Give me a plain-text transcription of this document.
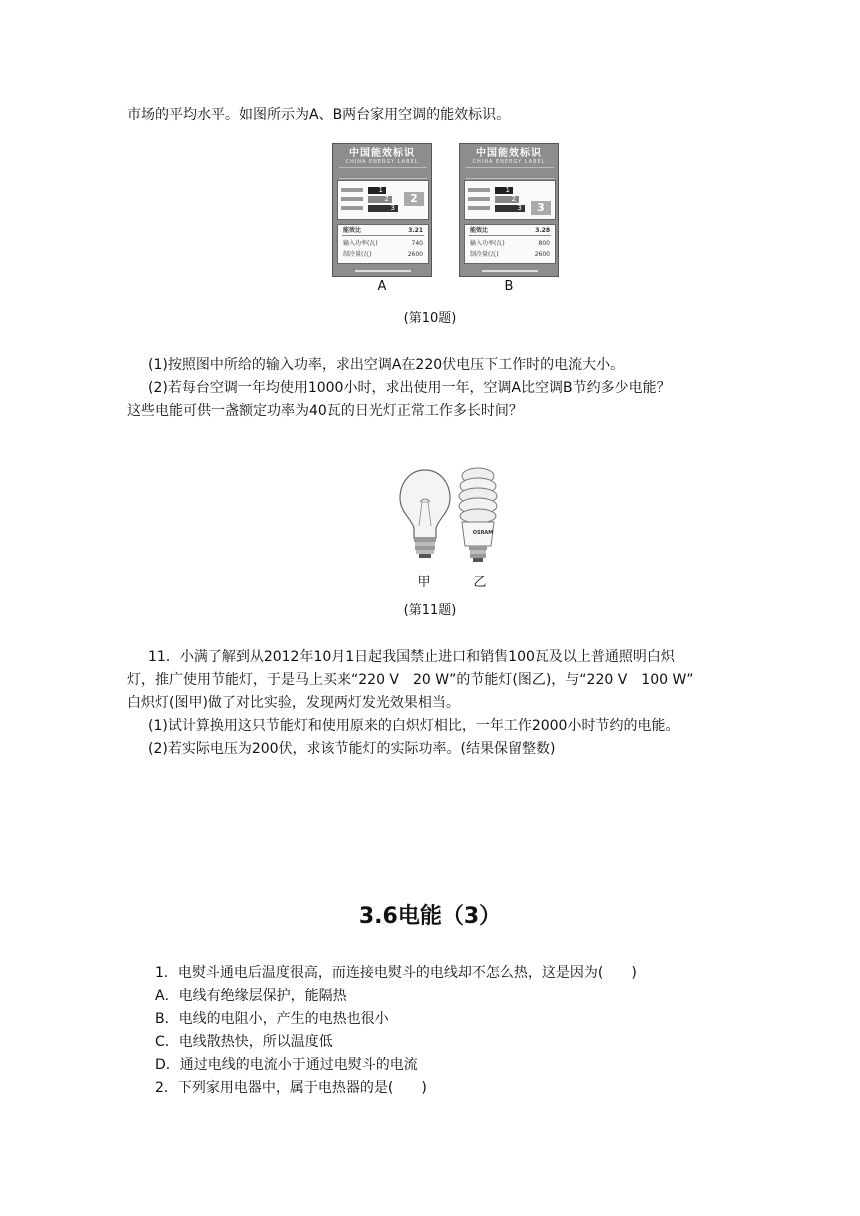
市场的平均水平。如图所示为A、B两台家用空调的能效标识。
中国能效标识
CHINA ENERGY LABEL
1
2
3
2
能效比	3.21
输入功率(瓦)	740
制冷量(瓦)	2600
A
中国能效标识
CHINA ENERGY LABEL
1
2
3	3
能效比	3.28
输入功率(瓦)	800
制冷量(瓦)	2600
B
(第10题)
(1)按照图中所给的输入功率，求出空调A在220伏电压下工作时的电流大小。
(2)若每台空调一年均使用1000小时，求出使用一年，空调A比空调B节约多少电能？
这些电能可供一盏额定功率为40瓦的日光灯正常工作多长时间？
OSRAM
甲	乙
(第11题)
11．小满了解到从2012年10月1日起我国禁止进口和销售100瓦及以上普通照明白炽
灯，推广使用节能灯，于是马上买来“220 V　20 W”的节能灯(图乙)，与“220 V　100 W”
白炽灯(图甲)做了对比实验，发现两灯发光效果相当。
(1)试计算换用这只节能灯和使用原来的白炽灯相比，一年工作2000小时节约的电能。
(2)若实际电压为200伏，求该节能灯的实际功率。(结果保留整数)
3.6电能（3）
1．电熨斗通电后温度很高，而连接电熨斗的电线却不怎么热，这是因为(　　)
A．电线有绝缘层保护，能隔热
B．电线的电阻小，产生的电热也很小
C．电线散热快，所以温度低
D．通过电线的电流小于通过电熨斗的电流
2．下列家用电器中，属于电热器的是(　　)
